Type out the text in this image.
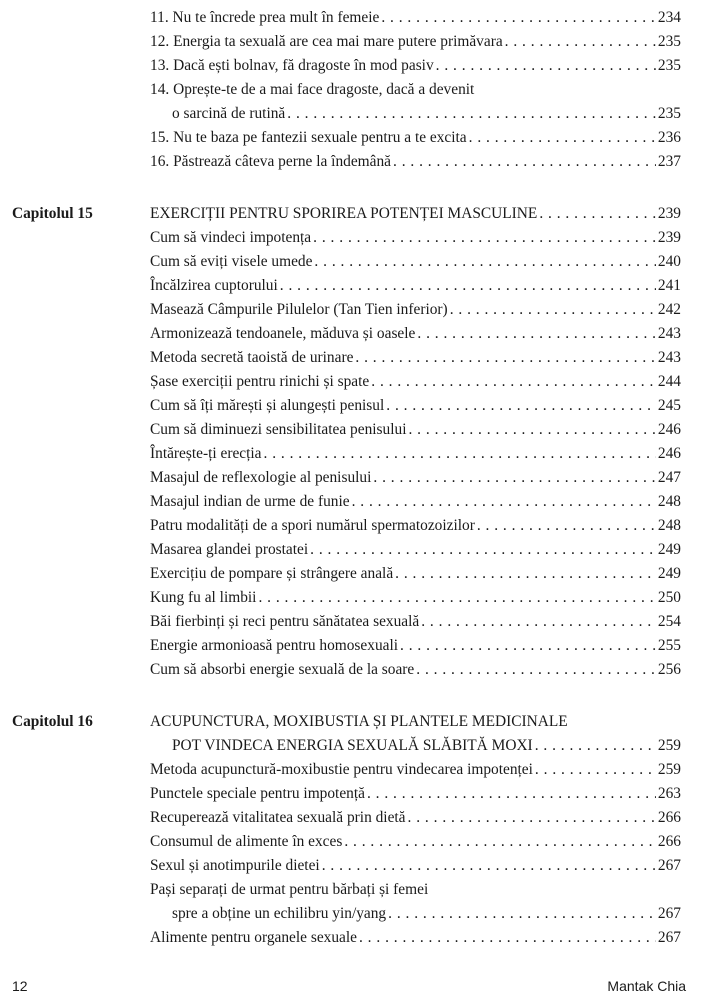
11. Nu te încrede prea mult în femeie . . .	234
12. Energia ta sexuală are cea mai mare putere primăvara . . .	235
13. Dacă ești bolnav, fă dragoste în mod pasiv . . .	235
14. Oprește-te de a mai face dragoste, dacă a devenit
o sarcină de rutină . . .	235
15. Nu te baza pe fantezii sexuale pentru a te excita . . .	236
16. Păstrează câteva perne la îndemână . . .	237
Capitolul 15	EXERCIȚII PENTRU SPORIREA POTENȚEI MASCULINE . . .	239
Cum să vindeci impotența . . .	239
Cum să eviți visele umede . . .	240
Încălzirea cuptorului . . .	241
Masează Câmpurile Pilulelor (Tan Tien inferior) . . .	242
Armonizează tendoanele, măduva și oasele . . .	243
Metoda secretă taoistă de urinare . . .	243
Șase exerciții pentru rinichi și spate . . .	244
Cum să îți mărești și alungești penisul . . .	245
Cum să diminuezi sensibilitatea penisului . . .	246
Întărește-ți erecția . . .	246
Masajul de reflexologie al penisului . . .	247
Masajul indian de urme de funie . . .	248
Patru modalități de a spori numărul spermatozoizilor . . .	248
Masarea glandei prostatei . . .	249
Exercițiu de pompare și strângere anală . . .	249
Kung fu al limbii . . .	250
Băi fierbinți și reci pentru sănătatea sexuală . . .	254
Energie armonioasă pentru homosexuali . . .	255
Cum să absorbi energie sexuală de la soare . . .	256
Capitolul 16	ACUPUNCTURA, MOXIBUSTIA ȘI PLANTELE MEDICINALE
POT VINDECA ENERGIA SEXUALĂ SLĂBITĂ MOXI . . .	259
Metoda acupunctură-moxibustie pentru vindecarea impotenței . . .	259
Punctele speciale pentru impotență . . .	263
Recuperează vitalitatea sexuală prin dietă . . .	266
Consumul de alimente în exces . . .	266
Sexul și anotimpurile dietei . . .	267
Pași separați de urmat pentru bărbați și femei
spre a obține un echilibru yin/yang . . .	267
Alimente pentru organele sexuale . . .	267
12	Mantak Chia
